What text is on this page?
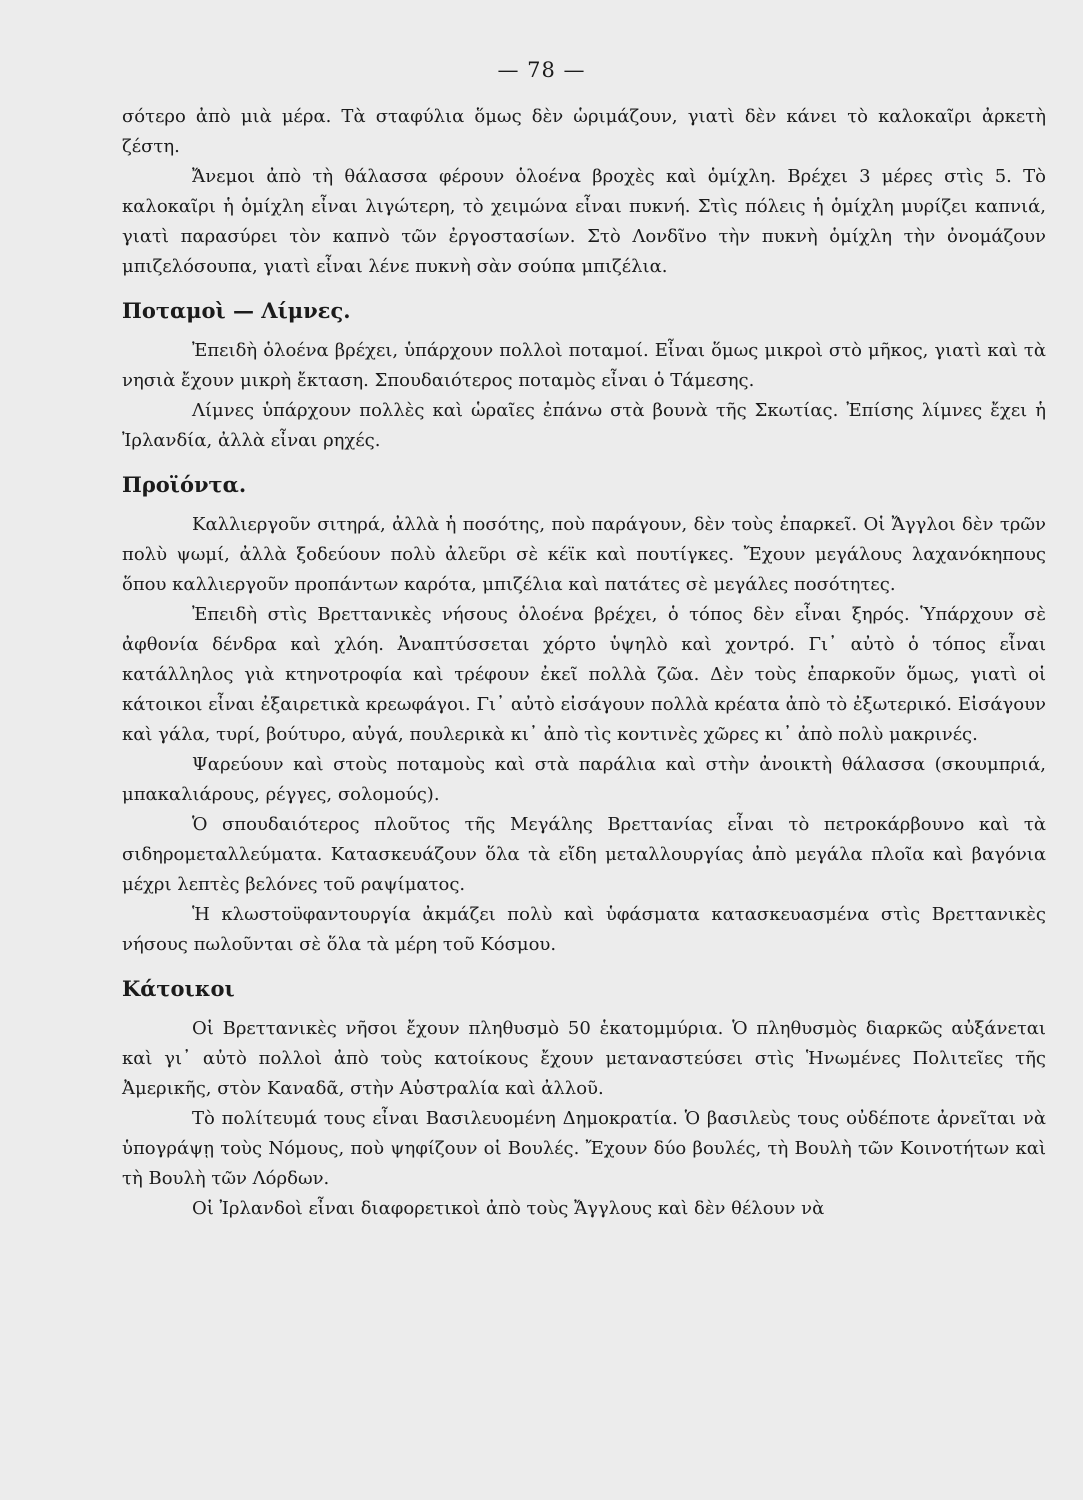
— 78 —

σότερο ἀπὸ μιὰ μέρα. Τὰ σταφύλια ὅμως δὲν ὡριμάζουν, γιατὶ δὲν κάνει τὸ καλοκαῖρι ἀρκετὴ ζέστη.

Ἄνεμοι ἀπὸ τὴ θάλασσα φέρουν ὁλοένα βροχὲς καὶ ὁμίχλη. Βρέχει 3 μέρες στὶς 5. Τὸ καλοκαῖρι ἡ ὁμίχλη εἶναι λιγώτερη, τὸ χειμώνα εἶναι πυκνή. Στὶς πόλεις ἡ ὁμίχλη μυρίζει καπνιά, γιατὶ παρασύρει τὸν καπνὸ τῶν ἐργοστασίων. Στὸ Λονδῖνο τὴν πυκνὴ ὁμίχλη τὴν ὀνομάζουν μπιζελόσουπα, γιατὶ εἶναι λένε πυκνὴ σὰν σούπα μπιζέλια.

Ποταμοὶ — Λίμνες.

Ἐπειδὴ ὁλοένα βρέχει, ὑπάρχουν πολλοὶ ποταμοί. Εἶναι ὅμως μικροὶ στὸ μῆκος, γιατὶ καὶ τὰ νησιὰ ἔχουν μικρὴ ἔκταση. Σπουδαιότερος ποταμὸς εἶναι ὁ Τάμεσης.

Λίμνες ὑπάρχουν πολλὲς καὶ ὡραῖες ἐπάνω στὰ βουνὰ τῆς Σκωτίας. Ἐπίσης λίμνες ἔχει ἡ Ἰρλανδία, ἀλλὰ εἶναι ρηχές.

Προϊόντα.

Καλλιεργοῦν σιτηρά, ἀλλὰ ἡ ποσότης, ποὺ παράγουν, δὲν τοὺς ἐπαρκεῖ. Οἱ Ἄγγλοι δὲν τρῶν πολὺ ψωμί, ἀλλὰ ξοδεύουν πολὺ ἀλεῦρι σὲ κέϊκ καὶ πουτίγκες. Ἔχουν μεγάλους λαχανόκηπους ὅπου καλλιεργοῦν προπάντων καρότα, μπιζέλια καὶ πατάτες σὲ μεγάλες ποσότητες.

Ἐπειδὴ στὶς Βρεττανικὲς νήσους ὁλοένα βρέχει, ὁ τόπος δὲν εἶναι ξηρός. Ὑπάρχουν σὲ ἀφθονία δένδρα καὶ χλόη. Ἀναπτύσσεται χόρτο ὑψηλὸ καὶ χοντρό. Γι᾿ αὐτὸ ὁ τόπος εἶναι κατάλληλος γιὰ κτηνοτροφία καὶ τρέφουν ἐκεῖ πολλὰ ζῶα. Δὲν τοὺς ἐπαρκοῦν ὅμως, γιατὶ οἱ κάτοικοι εἶναι ἐξαιρετικὰ κρεωφάγοι. Γι᾿ αὐτὸ εἰσάγουν πολλὰ κρέατα ἀπὸ τὸ ἐξωτερικό. Εἰσάγουν καὶ γάλα, τυρί, βούτυρο, αὐγά, πουλερικὰ κι᾿ ἀπὸ τὶς κοντινὲς χῶρες κι᾿ ἀπὸ πολὺ μακρινές.

Ψαρεύουν καὶ στοὺς ποταμοὺς καὶ στὰ παράλια καὶ στὴν ἀνοικτὴ θάλασσα (σκουμπριά, μπακαλιάρους, ρέγγες, σολομούς).

Ὁ σπουδαιότερος πλοῦτος τῆς Μεγάλης Βρεττανίας εἶναι τὸ πετροκάρβουνο καὶ τὰ σιδηρομεταλλεύματα. Κατασκευάζουν ὅλα τὰ εἴδη μεταλλουργίας ἀπὸ μεγάλα πλοῖα καὶ βαγόνια μέχρι λεπτὲς βελόνες τοῦ ραψίματος.

Ἡ κλωστοϋφαντουργία ἀκμάζει πολὺ καὶ ὑφάσματα κατασκευασμένα στὶς Βρεττανικὲς νήσους πωλοῦνται σὲ ὅλα τὰ μέρη τοῦ Κόσμου.

Κάτοικοι

Οἱ Βρεττανικὲς νῆσοι ἔχουν πληθυσμὸ 50 ἑκατομμύρια. Ὁ πληθυσμὸς διαρκῶς αὐξάνεται καὶ γι᾿ αὐτὸ πολλοὶ ἀπὸ τοὺς κατοίκους ἔχουν μεταναστεύσει στὶς Ἡνωμένες Πολιτεῖες τῆς Ἀμερικῆς, στὸν Καναδᾶ, στὴν Αὐστραλία καὶ ἀλλοῦ.

Τὸ πολίτευμά τους εἶναι Βασιλευομένη Δημοκρατία. Ὁ βασιλεὺς τους οὐδέποτε ἀρνεῖται νὰ ὑπογράψῃ τοὺς Νόμους, ποὺ ψηφίζουν οἱ Βουλές. Ἔχουν δύο βουλές, τὴ Βουλὴ τῶν Κοινοτήτων καὶ τὴ Βουλὴ τῶν Λόρδων.

Οἱ Ἰρλανδοὶ εἶναι διαφορετικοὶ ἀπὸ τοὺς Ἄγγλους καὶ δὲν θέλουν νὰ
